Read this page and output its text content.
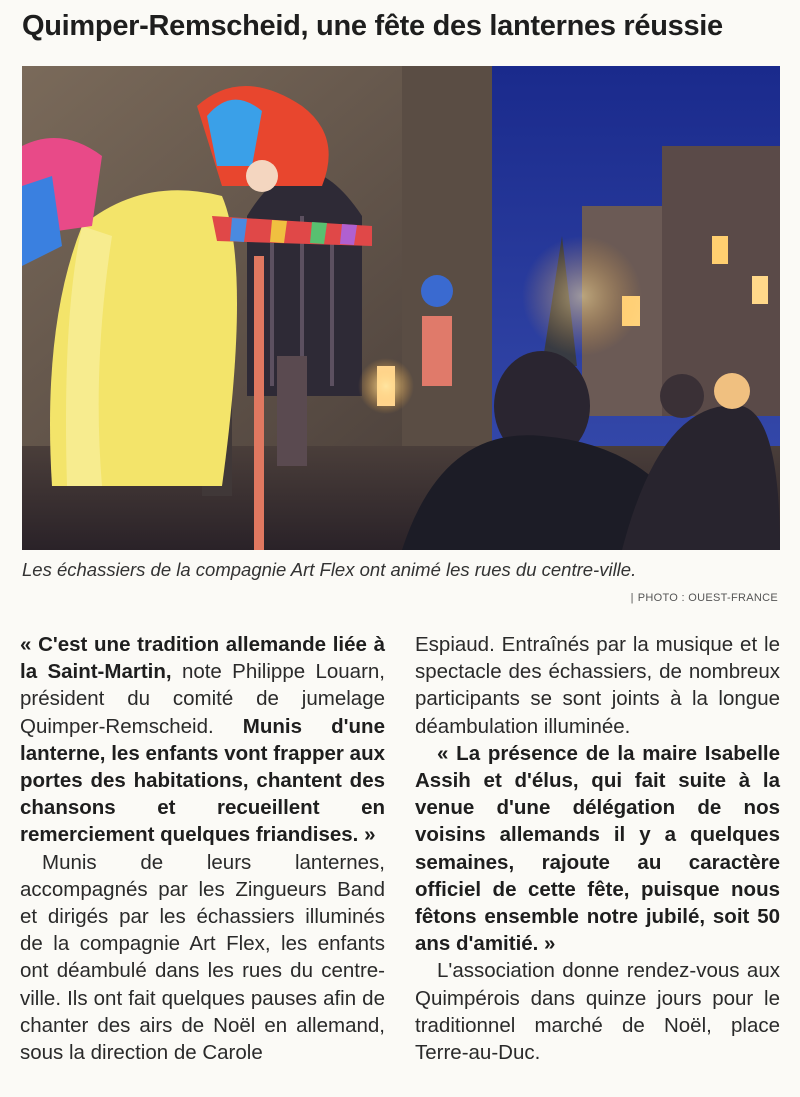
Quimper-Remscheid, une fête des lanternes réussie
Les échassiers de la compagnie Art Flex ont animé les rues du centre-ville.
| PHOTO : OUEST-FRANCE

« C'est une tradition allemande liée à la Saint-Martin, note Philippe Louarn, président du comité de jumelage Quimper-Remscheid. Munis d'une lanterne, les enfants vont frapper aux portes des habitations, chantent des chansons et recueillent en remerciement quelques friandises. »

Munis de leurs lanternes, accompagnés par les Zingueurs Band et dirigés par les échassiers illuminés de la compagnie Art Flex, les enfants ont déambulé dans les rues du centre-ville. Ils ont fait quelques pauses afin de chanter des airs de Noël en allemand, sous la direction de Carole

Espiaud. Entraînés par la musique et le spectacle des échassiers, de nombreux participants se sont joints à la longue déambulation illuminée.

« La présence de la maire Isabelle Assih et d'élus, qui fait suite à la venue d'une délégation de nos voisins allemands il y a quelques semaines, rajoute au caractère officiel de cette fête, puisque nous fêtons ensemble notre jubilé, soit 50 ans d'amitié. »

L'association donne rendez-vous aux Quimpérois dans quinze jours pour le traditionnel marché de Noël, place Terre-au-Duc.
